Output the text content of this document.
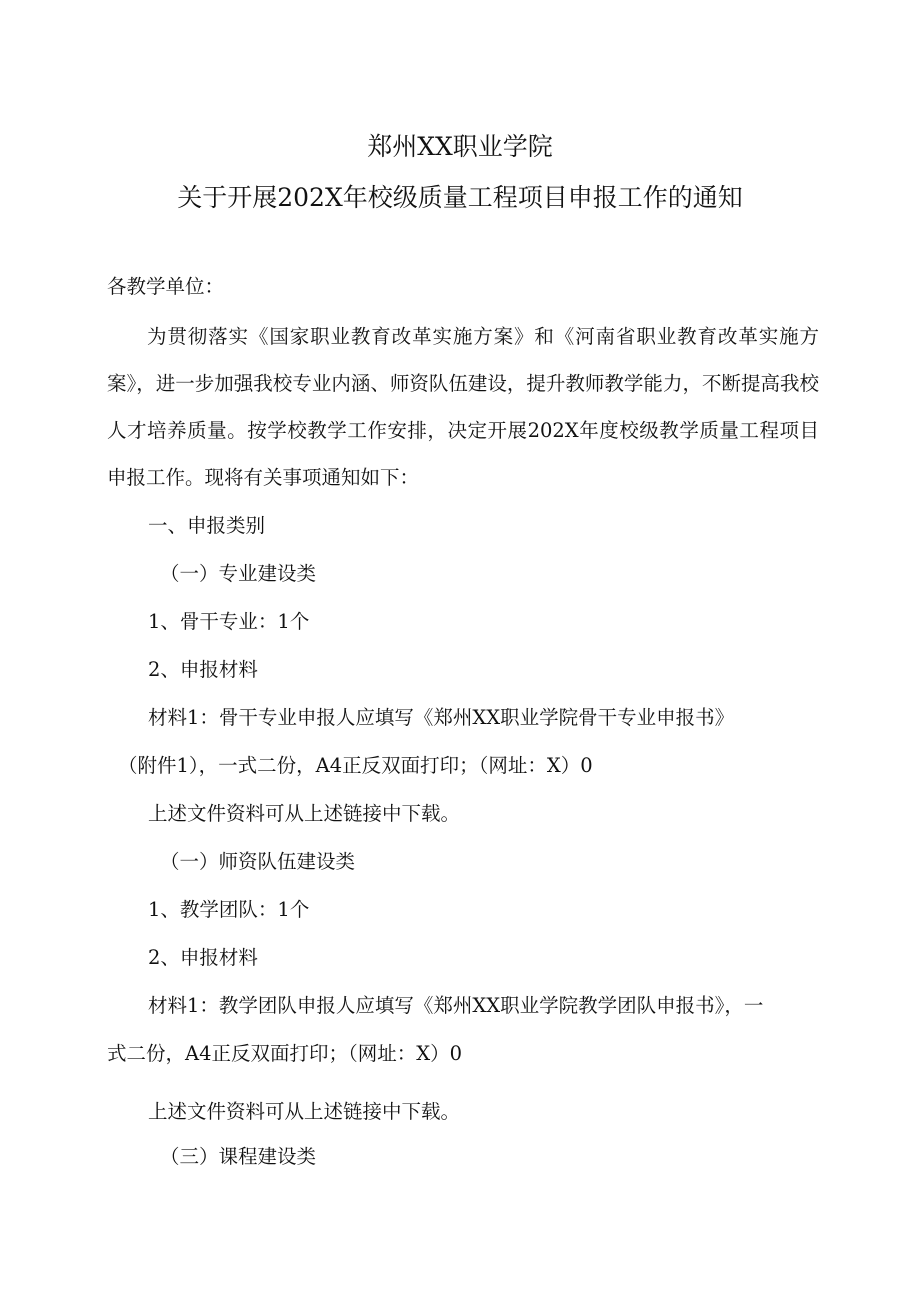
郑州XX职业学院
关于开展202X年校级质量工程项目申报工作的通知
各教学单位：
为贯彻落实《国家职业教育改革实施方案》和《河南省职业教育改革实施方案》，进一步加强我校专业内涵、师资队伍建设，提升教师教学能力，不断提高我校人才培养质量。按学校教学工作安排，决定开展202X年度校级教学质量工程项目申报工作。现将有关事项通知如下：
一、申报类别
（一）专业建设类
1、骨干专业：1个
2、申报材料
材料1：骨干专业申报人应填写《郑州XX职业学院骨干专业申报书》
（附件1），一式二份，A4正反双面打印；（网址：X）0
上述文件资料可从上述链接中下载。
（一）师资队伍建设类
1、教学团队：1个
2、申报材料
材料1：教学团队申报人应填写《郑州XX职业学院教学团队申报书》，一
式二份，A4正反双面打印；（网址：X）0
上述文件资料可从上述链接中下载。
（三）课程建设类
